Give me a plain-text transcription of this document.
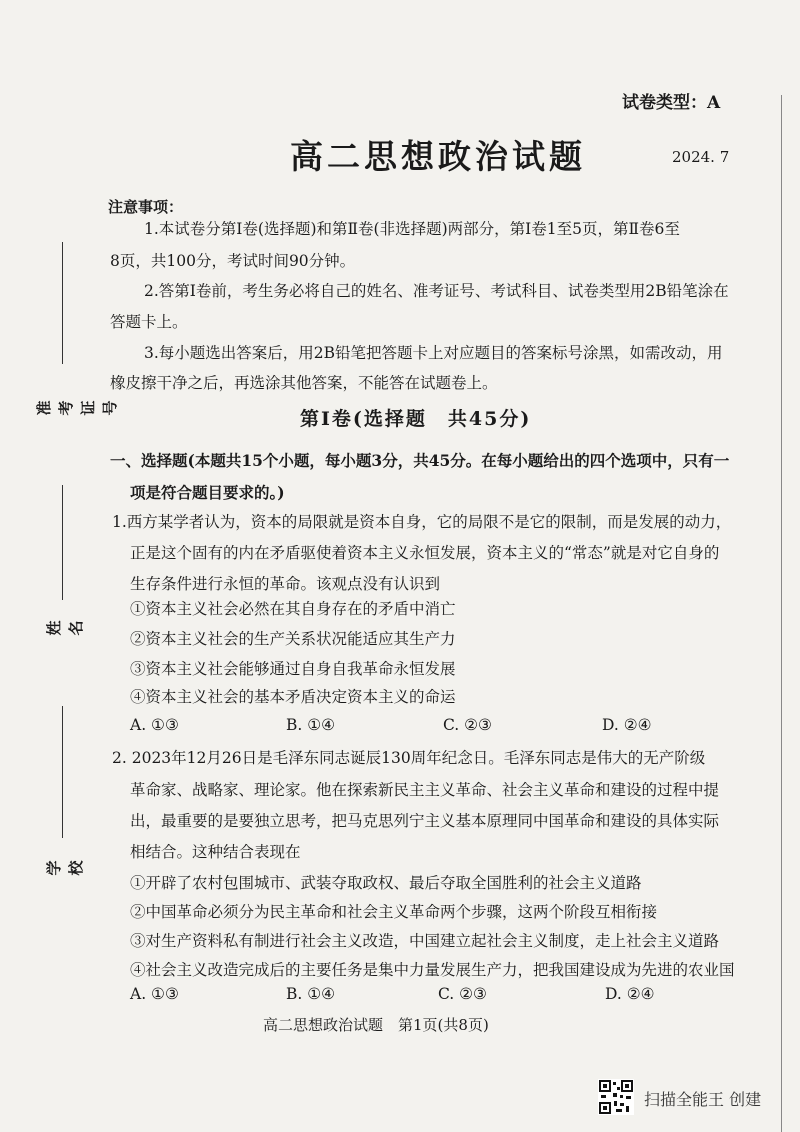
准考证号
姓名
学校
试卷类型：A
高二思想政治试题	2024. 7
注意事项：
1.本试卷分第Ⅰ卷(选择题)和第Ⅱ卷(非选择题)两部分，第Ⅰ卷1至5页，第Ⅱ卷6至
8页，共100分，考试时间90分钟。
2.答第Ⅰ卷前，考生务必将自己的姓名、准考证号、考试科目、试卷类型用2B铅笔涂在
答题卡上。
3.每小题选出答案后，用2B铅笔把答题卡上对应题目的答案标号涂黑，如需改动，用
橡皮擦干净之后，再选涂其他答案，不能答在试题卷上。
第Ⅰ卷(选择题　共45分)
一、选择题(本题共15个小题，每小题3分，共45分。在每小题给出的四个选项中，只有一
项是符合题目要求的。)
1.西方某学者认为，资本的局限就是资本自身，它的局限不是它的限制，而是发展的动力，
正是这个固有的内在矛盾驱使着资本主义永恒发展，资本主义的“常态”就是对它自身的
生存条件进行永恒的革命。该观点没有认识到
①资本主义社会必然在其自身存在的矛盾中消亡
②资本主义社会的生产关系状况能适应其生产力
③资本主义社会能够通过自身自我革命永恒发展
④资本主义社会的基本矛盾决定资本主义的命运
A. ①③	B. ①④	C. ②③	D. ②④
2. 2023年12月26日是毛泽东同志诞辰130周年纪念日。毛泽东同志是伟大的无产阶级
革命家、战略家、理论家。他在探索新民主主义革命、社会主义革命和建设的过程中提
出，最重要的是要独立思考，把马克思列宁主义基本原理同中国革命和建设的具体实际
相结合。这种结合表现在
①开辟了农村包围城市、武装夺取政权、最后夺取全国胜利的社会主义道路
②中国革命必须分为民主革命和社会主义革命两个步骤，这两个阶段互相衔接
③对生产资料私有制进行社会主义改造，中国建立起社会主义制度，走上社会主义道路
④社会主义改造完成后的主要任务是集中力量发展生产力，把我国建设成为先进的农业国
A. ①③	B. ①④	C. ②③	D. ②④
高二思想政治试题　第1页(共8页)
扫描全能王 创建
